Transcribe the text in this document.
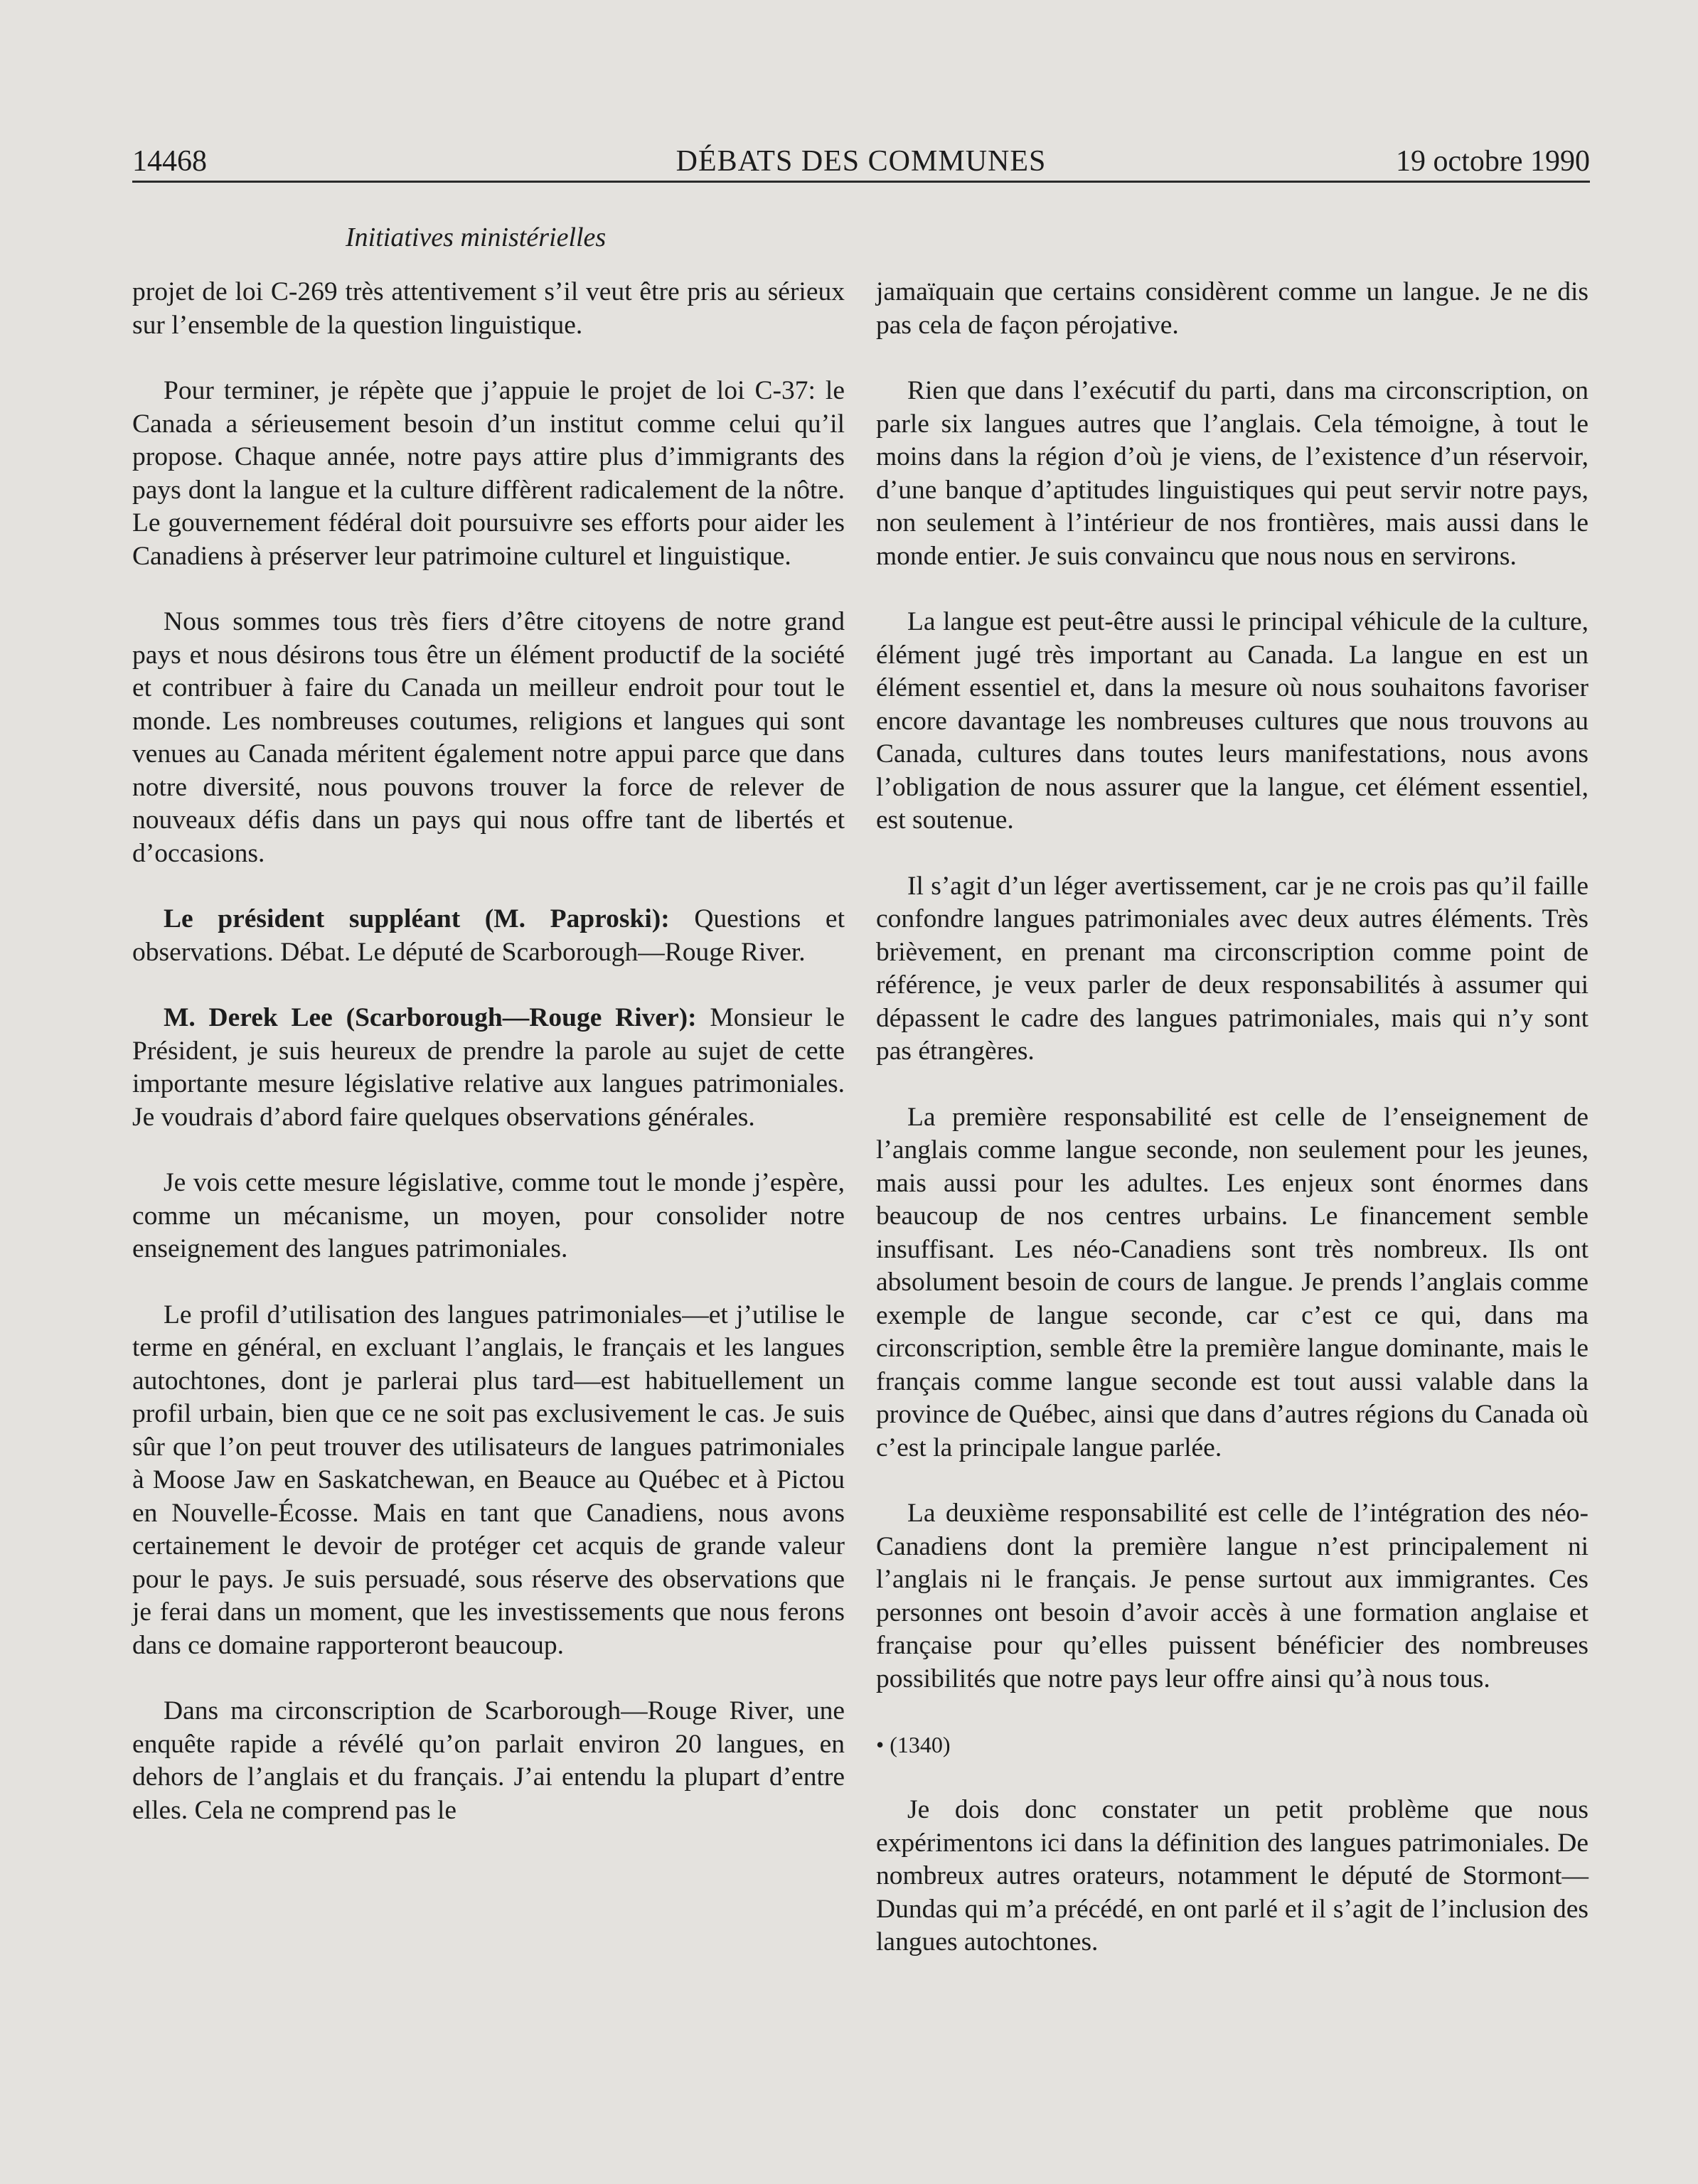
14468	DÉBATS DES COMMUNES	19 octobre 1990
Initiatives ministérielles

projet de loi C-269 très attentivement s’il veut être pris au sérieux sur l’ensemble de la question linguistique.

Pour terminer, je répète que j’appuie le projet de loi C-37: le Canada a sérieusement besoin d’un institut comme celui qu’il propose. Chaque année, notre pays attire plus d’immigrants des pays dont la langue et la culture diffèrent radicalement de la nôtre. Le gouvernement fédéral doit poursuivre ses efforts pour aider les Canadiens à préserver leur patrimoine culturel et linguistique.

Nous sommes tous très fiers d’être citoyens de notre grand pays et nous désirons tous être un élément productif de la société et contribuer à faire du Canada un meilleur endroit pour tout le monde. Les nombreuses coutumes, religions et langues qui sont venues au Canada méritent également notre appui parce que dans notre diversité, nous pouvons trouver la force de relever de nouveaux défis dans un pays qui nous offre tant de libertés et d’occasions.

Le président suppléant (M. Paproski): Questions et observations. Débat. Le député de Scarborough—Rouge River.

M. Derek Lee (Scarborough—Rouge River): Monsieur le Président, je suis heureux de prendre la parole au sujet de cette importante mesure législative relative aux langues patrimoniales. Je voudrais d’abord faire quelques observations générales.

Je vois cette mesure législative, comme tout le monde j’espère, comme un mécanisme, un moyen, pour consolider notre enseignement des langues patrimoniales.

Le profil d’utilisation des langues patrimoniales—et j’utilise le terme en général, en excluant l’anglais, le français et les langues autochtones, dont je parlerai plus tard—est habituellement un profil urbain, bien que ce ne soit pas exclusivement le cas. Je suis sûr que l’on peut trouver des utilisateurs de langues patrimoniales à Moose Jaw en Saskatchewan, en Beauce au Québec et à Pictou en Nouvelle-Écosse. Mais en tant que Canadiens, nous avons certainement le devoir de protéger cet acquis de grande valeur pour le pays. Je suis persuadé, sous réserve des observations que je ferai dans un moment, que les investissements que nous ferons dans ce domaine rapporteront beaucoup.

Dans ma circonscription de Scarborough—Rouge River, une enquête rapide a révélé qu’on parlait environ 20 langues, en dehors de l’anglais et du français. J’ai entendu la plupart d’entre elles. Cela ne comprend pas le

jamaïquain que certains considèrent comme un langue. Je ne dis pas cela de façon pérojative.

Rien que dans l’exécutif du parti, dans ma circonscription, on parle six langues autres que l’anglais. Cela témoigne, à tout le moins dans la région d’où je viens, de l’existence d’un réservoir, d’une banque d’aptitudes linguistiques qui peut servir notre pays, non seulement à l’intérieur de nos frontières, mais aussi dans le monde entier. Je suis convaincu que nous nous en servirons.

La langue est peut-être aussi le principal véhicule de la culture, élément jugé très important au Canada. La langue en est un élément essentiel et, dans la mesure où nous souhaitons favoriser encore davantage les nombreuses cultures que nous trouvons au Canada, cultures dans toutes leurs manifestations, nous avons l’obligation de nous assurer que la langue, cet élément essentiel, est soutenue.

Il s’agit d’un léger avertissement, car je ne crois pas qu’il faille confondre langues patrimoniales avec deux autres éléments. Très brièvement, en prenant ma circonscription comme point de référence, je veux parler de deux responsabilités à assumer qui dépassent le cadre des langues patrimoniales, mais qui n’y sont pas étrangères.

La première responsabilité est celle de l’enseignement de l’anglais comme langue seconde, non seulement pour les jeunes, mais aussi pour les adultes. Les enjeux sont énormes dans beaucoup de nos centres urbains. Le financement semble insuffisant. Les néo-Canadiens sont très nombreux. Ils ont absolument besoin de cours de langue. Je prends l’anglais comme exemple de langue seconde, car c’est ce qui, dans ma circonscription, semble être la première langue dominante, mais le français comme langue seconde est tout aussi valable dans la province de Québec, ainsi que dans d’autres régions du Canada où c’est la principale langue parlée.

La deuxième responsabilité est celle de l’intégration des néo-Canadiens dont la première langue n’est principalement ni l’anglais ni le français. Je pense surtout aux immigrantes. Ces personnes ont besoin d’avoir accès à une formation anglaise et française pour qu’elles puissent bénéficier des nombreuses possibilités que notre pays leur offre ainsi qu’à nous tous.

• (1340)

Je dois donc constater un petit problème que nous expérimentons ici dans la définition des langues patrimoniales. De nombreux autres orateurs, notamment le député de Stormont—Dundas qui m’a précédé, en ont parlé et il s’agit de l’inclusion des langues autochtones.
